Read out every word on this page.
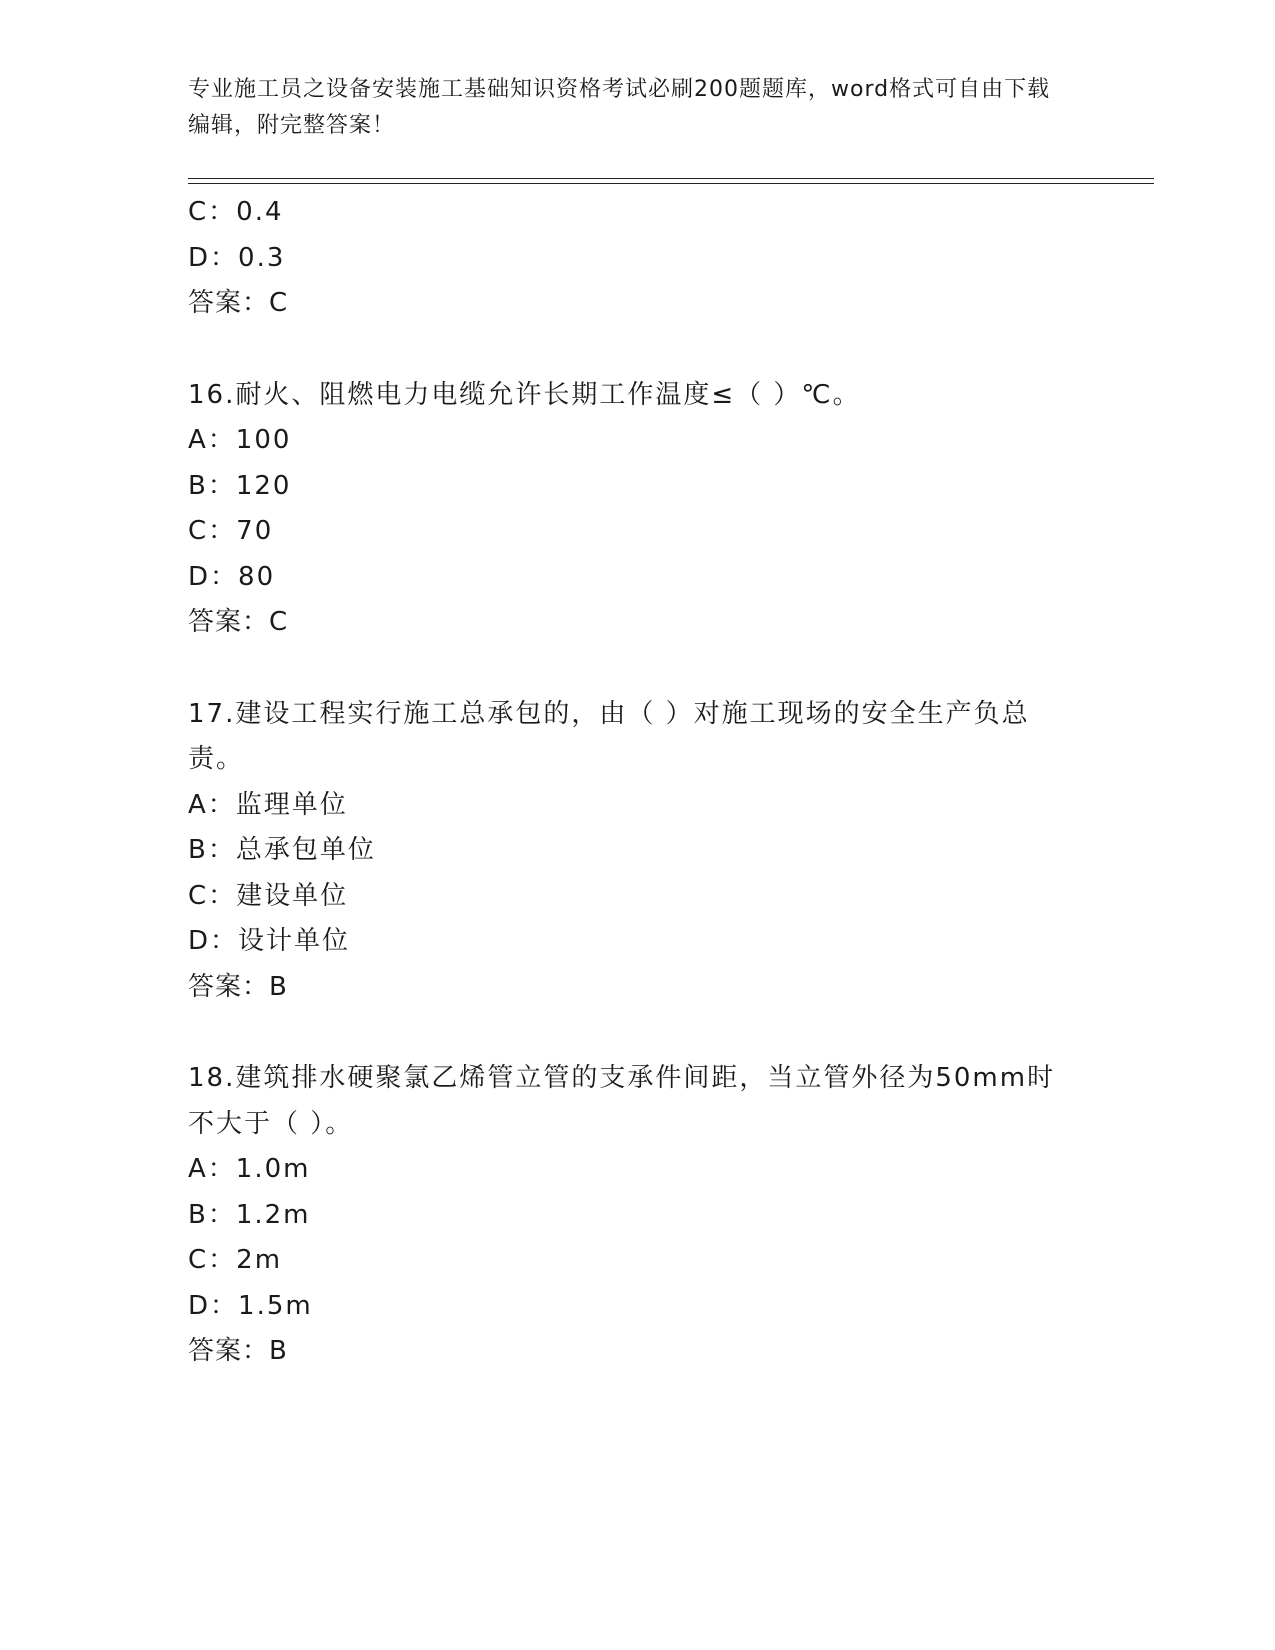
专业施工员之设备安装施工基础知识资格考试必刷200题题库，word格式可自由下载编辑，附完整答案！
C：0.4
D：0.3
答案：C
16.耐火、阻燃电力电缆允许长期工作温度≤（ ）℃。
A：100
B：120
C：70
D：80
答案：C
17.建设工程实行施工总承包的，由（ ）对施工现场的安全生产负总责。
A：监理单位
B：总承包单位
C：建设单位
D：设计单位
答案：B
18.建筑排水硬聚氯乙烯管立管的支承件间距，当立管外径为50mm时不大于（ ）。
A：1.0m
B：1.2m
C：2m
D：1.5m
答案：B
